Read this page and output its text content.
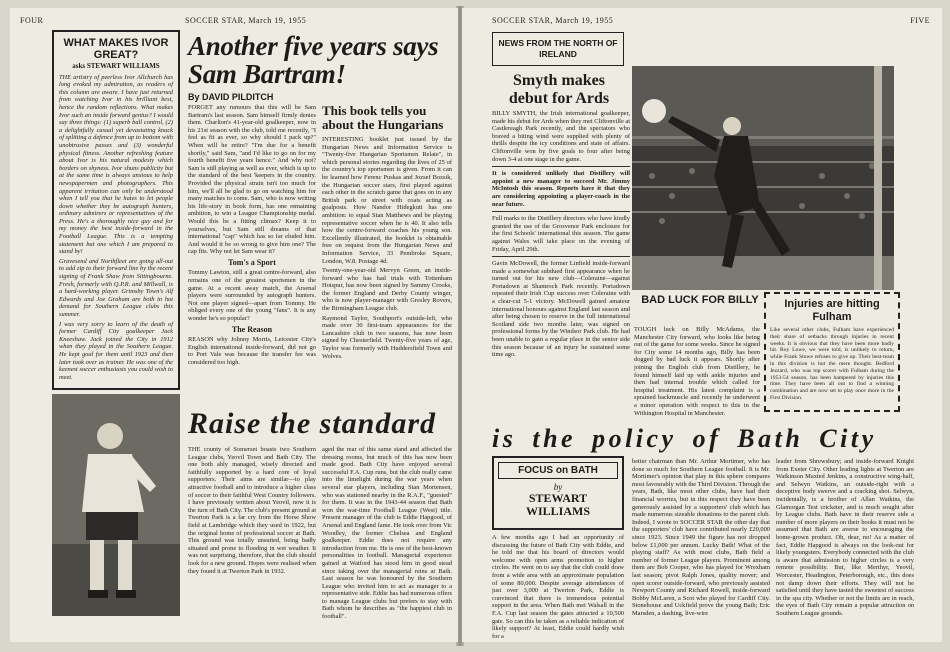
FOUR	SOCCER STAR, March 19, 1955
WHAT MAKES IVOR GREAT?
asks STEWART WILLIAMS

THE artistry of peerless Ivor Allchurch has long evoked my admiration, as readers of this column are aware. I have just returned from watching Ivor in his brilliant best, hence the random reflections. What makes Ivor such an inside forward genius? I would say three things: (1) superb ball control, (2) a delightfully casual yet devastating knack of splitting a defence from up to bottom with unobtrusive passes and (3) wonderful physical fitness. Another refreshing feature about Ivor is his natural modesty which borders on shyness. Ivor shuns publicity but at the same time is always anxious to help newspapermen and photographers. This apparent irritation can only be understood when I tell you that he hates to let people down whether they be autograph hunters, ordinary admirers or representatives of the Press. He's a thoroughly nice guy and for my money the best inside-forward in the Football League. This is a tempting statement but one which I am prepared to stand by!

Gravesend and Northfleet are going all-out to add zip to their forward line by the recent signing of Frank Shaw from Sittingbourne. Fresh, formerly with Q.P.R. and Millwall, is a hard-working player. Grimsby Town's Alf Edwards and Joe Graham are both in hot demand for Southern League clubs this summer.

I was very sorry to learn of the death of former Cardiff City goalkeeper Jack Kneeshaw. Jack joined the City in 1912 when they played in the Southern League. He kept goal for them until 1923 and then later took over as trainer. He was one of the keenest soccer enthusiasts you could wish to meet.

Another five years says Sam Bartram!
By DAVID PILDITCH

FORGET any rumours that this will be Sam Bartram's last season. Sam himself firmly denies them. Charlton's 41-year-old goalkeeper, now in his 21st season with the club, told me recently, "I feel as fit as ever, so why should I pack up?" When will he retire? "I'm due for a benefit shortly," said Sam, "and I'd like to go on for my fourth benefit five years hence." And why not? Sam is still playing as well as ever, which is up to the standard of the best 'keepers in the country. Provided the physical strain isn't too much for him, we'll all be glad to go on watching him for many matches to come. Sam, who is now writing his life-story in book form, has one remaining ambition, to win a League Championship medal. Would this be a fitting climax? Keep it to yourselves, but Sam still dreams of that international "cap" which has so far eluded him. And would it be so wrong to give him one? The cap fits. Why not let Sam wear it?

Tom's a Sport

Tommy Lawton, still a great centre-forward, also remains one of the greatest sportsmen in the game. At a recent away match, the Arsenal players were surrounded by autograph hunters. Not one player signed—apart from Tommy. He obliged every one of the young "fans". It is any wonder he's so popular?

The Reason

REASON why Johnny Morris, Leicester City's English international inside-forward, did not go to Port Vale was because the transfer fee was considered too high.

This book tells you about the Hungarians

INTERESTING booklet just issued by the Hungarian News and Information Service is "Twenty-five Hungarian Sportsmen Relate", in which personal stories regarding the lives of 25 of the country's top sportsmen is given. From it can be learned how Ferenc Puskas and Jozsef Bozsik, the Hungarian soccer stars, first played against each other in the scratch game that goes on in any British park or street with coats acting as goalposts. How Nandor Hidegkuti has one ambition: to equal Stan Matthews and be playing representative soccer when he is 40. It also tells how the centre-forward coaches his young son. Excellently illustrated, the booklet is obtainable free on request from the Hungarian News and Information Service, 33 Pembroke Square, London, W.8. Postage 4d.

Twenty-one-year-old Mervyn Green, an inside-forward who has had trials with Tottenham Hotspur, has now been signed by Sammy Crooks, the former England and Derby County winger, who is now player-manager with Gresley Rovers, the Birmingham League club.

Raymond Taylor, Southport's outside-left, who made over 30 first-team appearances for the Lancashire club in two seasons, has now been signed by Chesterfield. Twenty-five years of age, Taylor was formerly with Huddersfield Town and Wolves.

Raise the standard

THE county of Somerset boasts two Southern League clubs, Yeovil Town and Bath City. The one both ably managed, wisely directed and faithfully supported by a hard core of loyal supporters. Their aims are similar—to play attractive football and to introduce a higher class of soccer to their faithful West Country followers. I have previously written about Yeovil, now it is the turn of Bath City. The club's present ground at Twerton Park is a far cry from the Horse Show field at Lambridge which they used in 1922, but the original home of professional soccer at Bath. This ground was totally unsuited, being badly situated and prone to flooding in wet weather. It was not surprising, therefore, that the club should look for a new ground. Hopes were realised when they found it at Twerton Park in 1932.

aged the rear of this same stand and affected the dressing rooms, but much of this has now been made good. Bath City have enjoyed several successful F.A. Cup runs, but the club really came into the limelight during the war years when several star players, including Stan Mortensen, who was stationed nearby in the R.A.F., "guested" for them. It was in the 1943-44 season that Bath won the war-time Football League (West) title. Present manager of the club is Eddie Hapgood, of Arsenal and England fame. He took over from Vic Woodley, the former Chelsea and England goalkeeper. Eddie does not require any introduction from me. He is one of the best-known personalities in football. Managerial experience gained at Watford has stood him in good stead since taking over the managerial reins at Bath. Last season he was honoured by the Southern League who invited him to act as manager to a representative side. Eddie has had numerous offers to manage League clubs but prefers to stay with Bath whom he describes as "the happiest club in football".

SOCCER STAR, March 19, 1955	FIVE
NEWS FROM THE NORTH OF IRELAND
Smyth makes debut for Ards

BILLY SMYTH, the Irish international goalkeeper, made his debut for Ards when they met Cliftonville at Castlereagh Park recently, and the spectators who braved a biting wind were supplied with plenty of thrills despite the icy conditions and state of affairs. Cliftonville won by five goals to four after being down 3-4 at one stage in the game.

It is considered unlikely that Distillery will appoint a new manager to succeed Mr. Jimmy McIntosh this season. Reports have it that they are considering appointing a player-coach in the near future.

Full marks to the Distillery directors who have kindly granted the use of the Grosvenor Park enclosure for the first Schools' international this season. The game against Wales will take place on the evening of Friday, April 29th.

Gavin McDowell, the former Linfield inside-forward made a somewhat subdued first appearance when he turned out for his new club—Coleraine—against Portadown at Shamrock Park recently. Portadown repeated their Irish Cup success over Coleraine with a clear-cut 5-1 victory. McDowell gained amateur international honours against England last season and after being chosen to reserve in the full international Scotland side two months later, was signed on professional forms by the Windsor Park club. He had been unable to gain a regular place in the senior side this season because of an injury he sustained some time ago.

BAD LUCK FOR BILLY

TOUGH luck on Billy McAdams, the Manchester City forward, who looks like being out of the game for some weeks. Since he signed for City some 14 months ago, Billy has been dogged by bad luck it appears. Shortly after joining the English club from Distillery, he found himself laid up with ankle injuries and then had internal trouble which called for hospital treatment. His latest complaint is a sprained backmuscle and recently he underwent a minor operation with respect to this in the Withington Hospital in Manchester.

Injuries are hitting Fulham

Like several other clubs, Fulham have experienced their share of setbacks through injuries in recent weeks. It is obvious that they have been more badly hit. Roy Lowe, we were told, is unlikely to return, while Frank Stowe refuses to give up. Their best-team in this division is but the mere thought. Bedford Jezzard, who was top scorer with Fulham during the 1953-54 season, has been hampered by injuries this time. They have been all out to find a winning combination and are now set to play once more in the First Division.

is the policy of Bath City
FOCUS on BATH
by
STEWART WILLIAMS

A few months ago I had an opportunity of discussing the future of Bath City with Eddie, and he told me that his board of directors would welcome with open arms promotion to higher circles. He went on to say that the club could draw from a wide area with an approximate population of some 80,000. Despite average attendances of just over 3,000 at Twerton Park, Eddie is convinced that there is tremendous potential support in the area. When Bath met Walsall in the F.A. Cup last season the gates attracted a 10,500 gate. So can this be taken as a reliable indication of likely support? At least, Eddie could hardly wish for a

better chairman than Mr. Arthur Mortimer, who has done so much for Southern League football. It is Mr. Mortimer's opinion that play in this sphere compares most favourably with the Third Division. Through the years, Bath, like most other clubs, have had their financial worries, but in this respect they have been generously assisted by a supporters' club which has made numerous sizeable donations to the parent club. Indeed, I wrote to SOCCER STAR the other day that the supporters' club have contributed nearly £20,000 since 1923. Since 1949 the figure has not dropped below £1,000 per annum. Lucky Bath! What of the playing staff? As with most clubs, Bath field a number of former League players. Prominent among them are Bob Cooper, who has played for Wrexham last season; pivot Ralph Jones, quality mover; and open scorer outside-forward, who previously assisted Newport County and Richard Rowell, inside-forward Bobby McLaren, a Scot who played for Cardiff City. Stonehouse and Uckfield prove the young Bath; Eric Marsden, a dashing, live-wire

leader from Shrewsbury; and inside-forward Knight from Exeter City. Other leading lights at Twerton are Watkinson Maxted Jenkins, a constructive wing-half, and Selwyn Watkins, an outside-right with a deceptive body swerve and a cracking shot. Selwyn, incidentally, is a brother of Allan Watkins, the Glamorgan Test cricketer, and is much sought after by League clubs. Bath have in their reserve side a number of more players on their books it must not be assumed that Bath are averse to encouraging the home-grown product. Oh, dear, no! As a matter of fact, Eddie Hapgood is always on the look-out for likely youngsters. Everybody connected with the club is aware that admission to higher circles is a very remote possibility. But, like Merthyr, Yeovil, Worcester, Headington, Peterborough, etc., this does not damp down their efforts. They will not be satisfied until they have tasted the sweetest of success in the spa city. Whether or not the limits are in reach, the eyes of Bath City remain a popular attraction on Southern League grounds.
